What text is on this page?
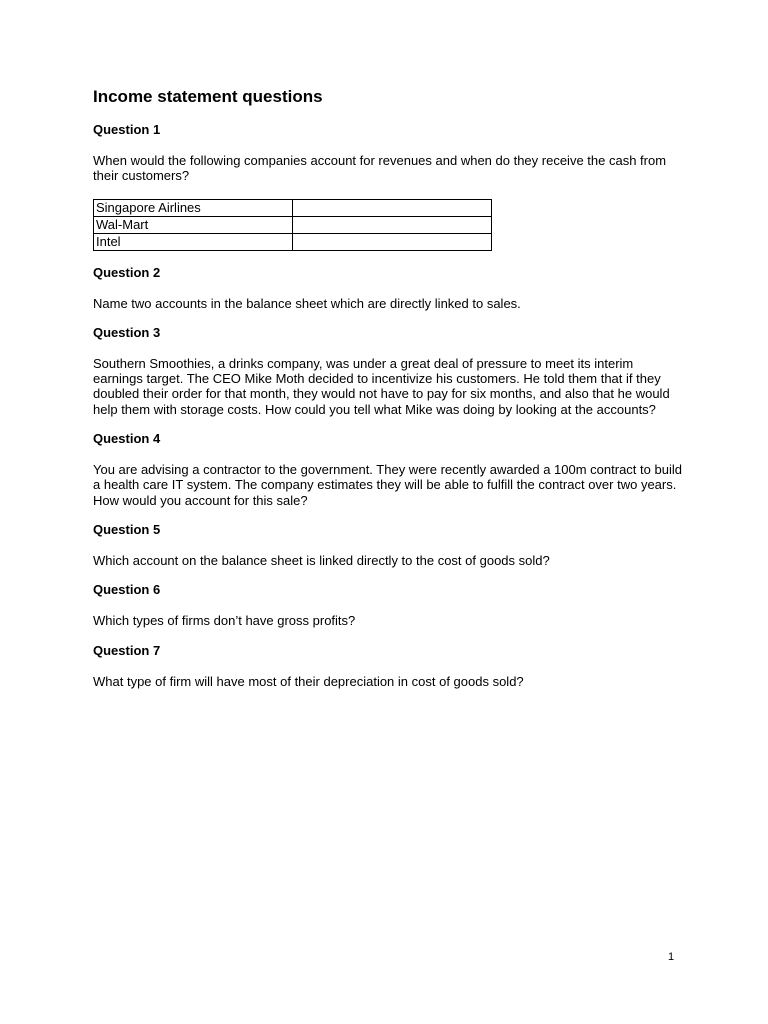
Income statement questions

Question 1

When would the following companies account for revenues and when do they receive the cash from their customers?

Singapore Airlines	
Wal-Mart	
Intel	

Question 2

Name two accounts in the balance sheet which are directly linked to sales.

Question 3

Southern Smoothies, a drinks company, was under a great deal of pressure to meet its interim earnings target. The CEO Mike Moth decided to incentivize his customers. He told them that if they doubled their order for that month, they would not have to pay for six months, and also that he would help them with storage costs. How could you tell what Mike was doing by looking at the accounts?

Question 4

You are advising a contractor to the government. They were recently awarded a 100m contract to build a health care IT system. The company estimates they will be able to fulfill the contract over two years. How would you account for this sale?

Question 5

Which account on the balance sheet is linked directly to the cost of goods sold?

Question 6

Which types of firms don’t have gross profits?

Question 7

What type of firm will have most of their depreciation in cost of goods sold?

1
